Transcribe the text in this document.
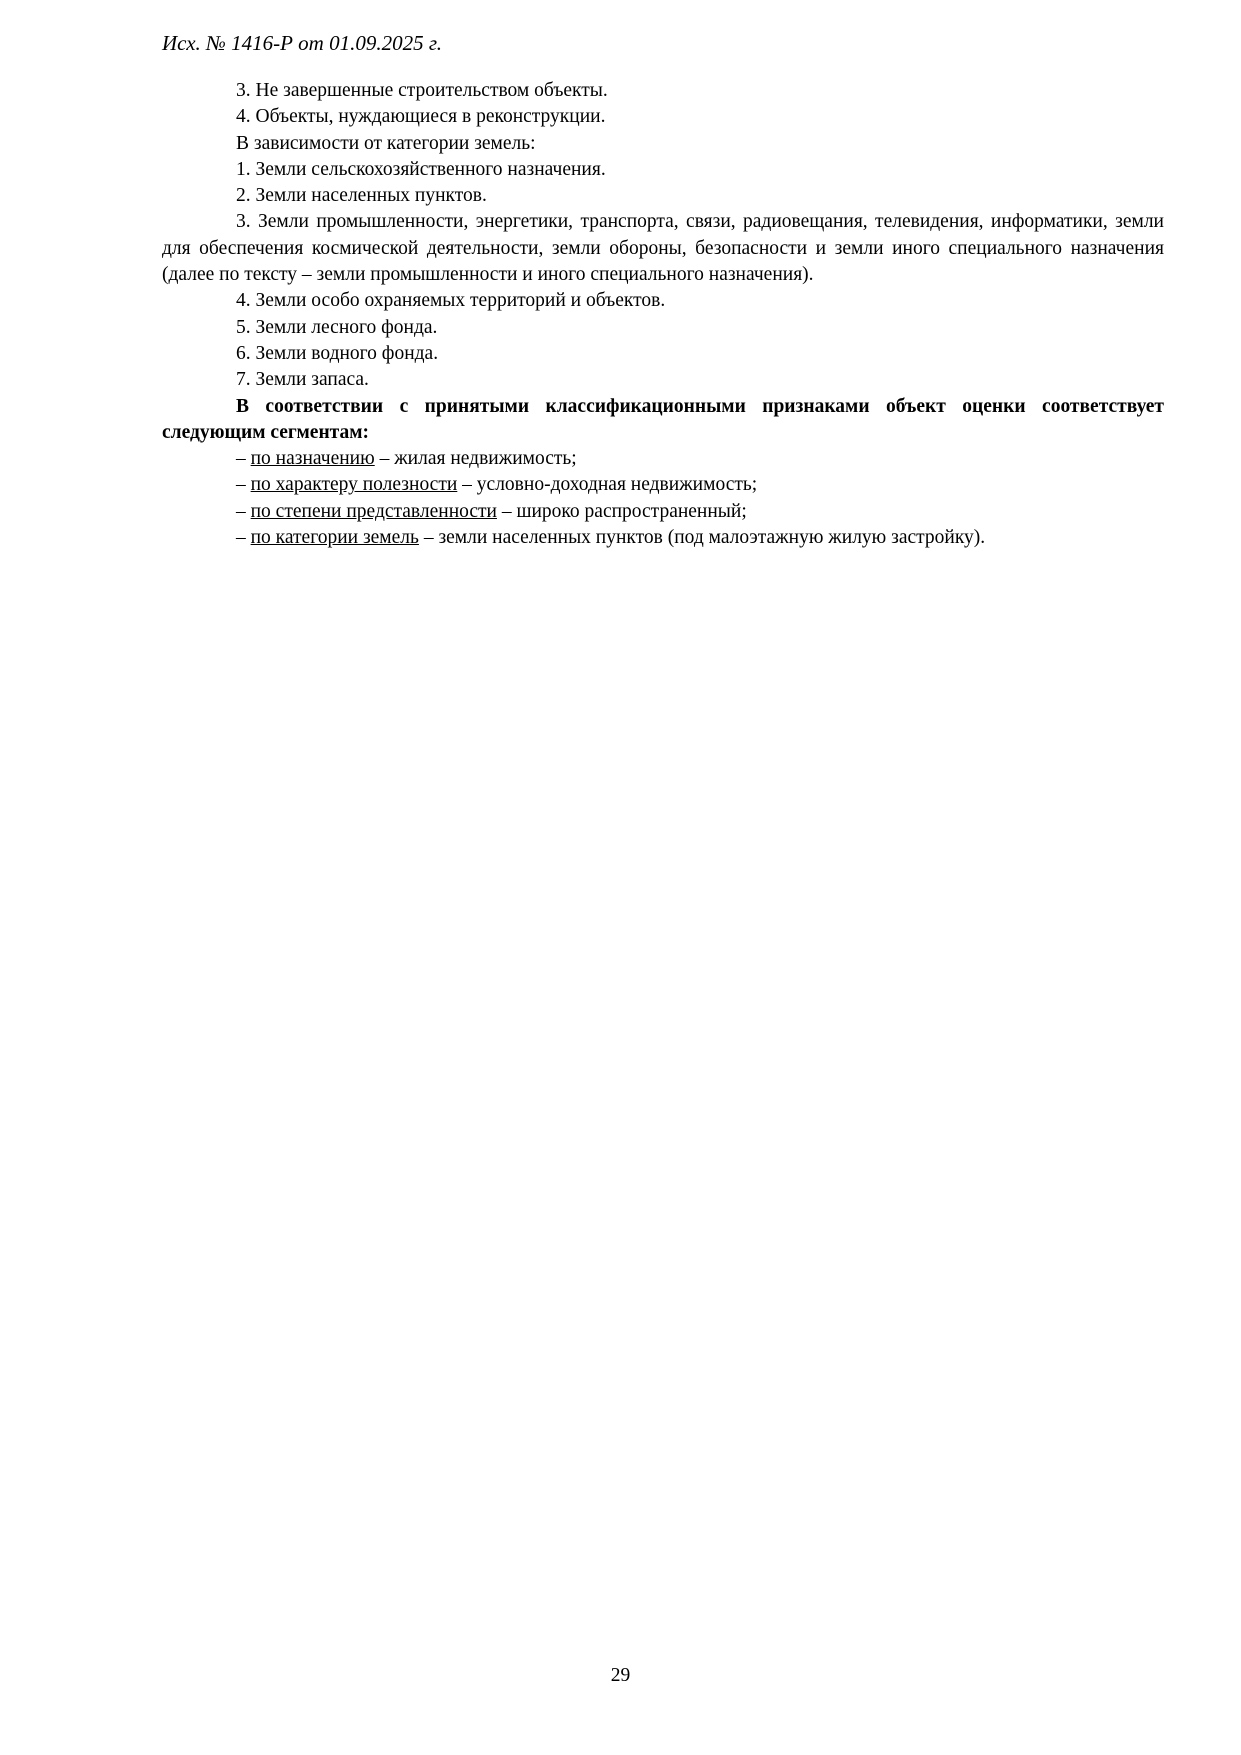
Исх. № 1416-Р от 01.09.2025 г.

3. Не завершенные строительством объекты.

4. Объекты, нуждающиеся в реконструкции.

В зависимости от категории земель:

1. Земли сельскохозяйственного назначения.

2. Земли населенных пунктов.

3. Земли промышленности, энергетики, транспорта, связи, радиовещания, телевидения, информатики, земли для обеспечения космической деятельности, земли обороны, безопасности и земли иного специального назначения (далее по тексту – земли промышленности и иного специального назначения).

4. Земли особо охраняемых территорий и объектов.

5. Земли лесного фонда.

6. Земли водного фонда.

7. Земли запаса.

В соответствии с принятыми классификационными признаками объект оценки соответствует следующим сегментам:

– по назначению – жилая недвижимость;

– по характеру полезности – условно-доходная недвижимость;

– по степени представленности – широко распространенный;

– по категории земель – земли населенных пунктов (под малоэтажную жилую застройку).

29
